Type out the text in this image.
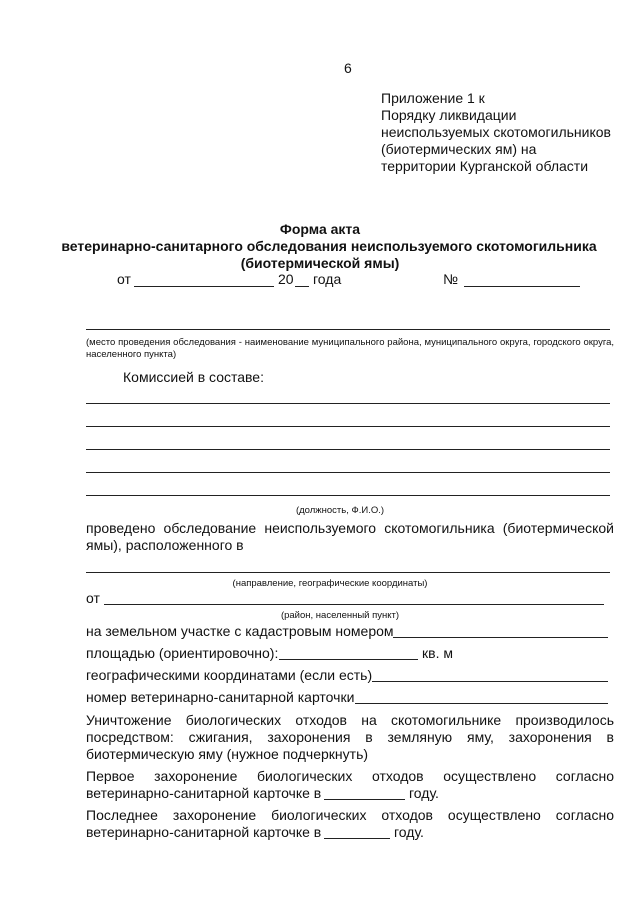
6
Приложение 1 к
Порядку ликвидации
неиспользуемых скотомогильников
(биотермических ям) на
территории Курганской области
Форма акта
ветеринарно-санитарного обследования неиспользуемого скотомогильника
(биотермической ямы)
от	20 года	№
(место проведения обследования - наименование муниципального района, муниципального округа, городского округа, населенного пункта)
Комиссией в составе:
(должность, Ф.И.О.)
проведено обследование неиспользуемого скотомогильника (биотермической
ямы), расположенного в
(направление, географические координаты)
от
(район, населенный пункт)
на земельном участке с кадастровым номером
площадью (ориентировочно):	кв. м
географическими координатами (если есть)
номер ветеринарно-санитарной карточки
Уничтожение биологических отходов на скотомогильнике производилось
посредством: сжигания, захоронения в земляную яму, захоронения в
биотермическую яму (нужное подчеркнуть)
Первое захоронение биологических отходов осуществлено согласно
ветеринарно-санитарной карточке в	году.
Последнее захоронение биологических отходов осуществлено согласно
ветеринарно-санитарной карточке в	году.
